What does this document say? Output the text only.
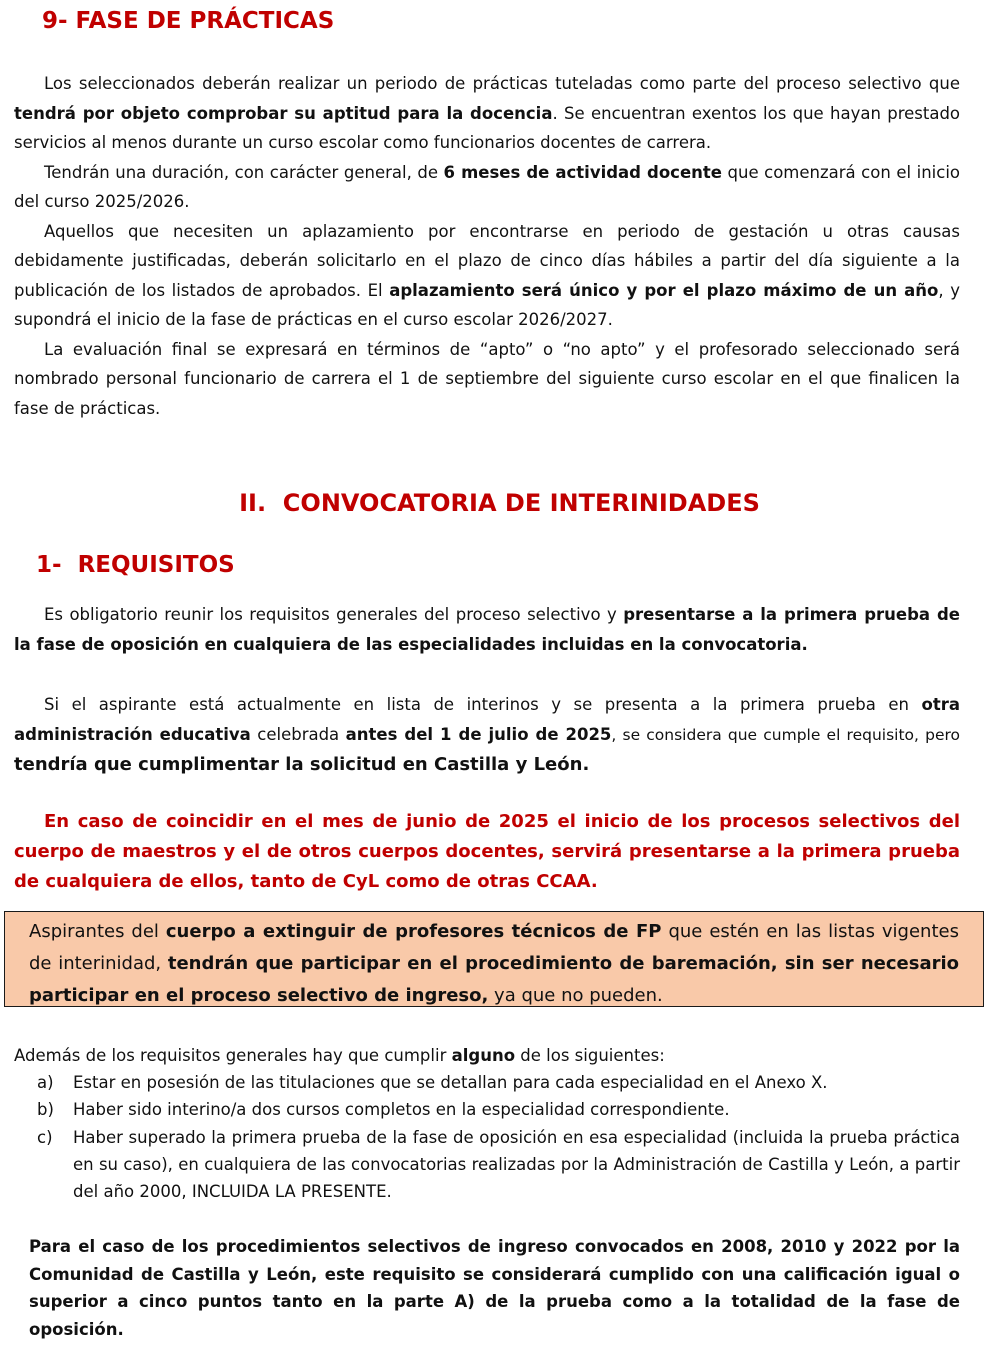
9- FASE DE PRÁCTICAS

Los seleccionados deberán realizar un periodo de prácticas tuteladas como parte del proceso selectivo que tendrá por objeto comprobar su aptitud para la docencia. Se encuentran exentos los que hayan prestado servicios al menos durante un curso escolar como funcionarios docentes de carrera.

Tendrán una duración, con carácter general, de 6 meses de actividad docente que comenzará con el inicio del curso 2025/2026.

Aquellos que necesiten un aplazamiento por encontrarse en periodo de gestación u otras causas debidamente justificadas, deberán solicitarlo en el plazo de cinco días hábiles a partir del día siguiente a la publicación de los listados de aprobados. El aplazamiento será único y por el plazo máximo de un año, y supondrá el inicio de la fase de prácticas en el curso escolar 2026/2027.

La evaluación final se expresará en términos de “apto” o “no apto” y el profesorado seleccionado será nombrado personal funcionario de carrera el 1 de septiembre del siguiente curso escolar en el que finalicen la fase de prácticas.

II.  CONVOCATORIA DE INTERINIDADES
1-  REQUISITOS

Es obligatorio reunir los requisitos generales del proceso selectivo y presentarse a la primera prueba de la fase de oposición en cualquiera de las especialidades incluidas en la convocatoria.

Si el aspirante está actualmente en lista de interinos y se presenta a la primera prueba en otra administración educativa celebrada antes del 1 de julio de 2025, se considera que cumple el requisito, pero tendría que cumplimentar la solicitud en Castilla y León.

En caso de coincidir en el mes de junio de 2025 el inicio de los procesos selectivos del cuerpo de maestros y el de otros cuerpos docentes, servirá presentarse a la primera prueba de cualquiera de ellos, tanto de CyL como de otras CCAA.

Aspirantes del cuerpo a extinguir de profesores técnicos de FP que estén en las listas vigentes de interinidad, tendrán que participar en el procedimiento de baremación, sin ser necesario participar en el proceso selectivo de ingreso, ya que no pueden.

Además de los requisitos generales hay que cumplir alguno de los siguientes:

a) Estar en posesión de las titulaciones que se detallan para cada especialidad en el Anexo X.
b) Haber sido interino/a dos cursos completos en la especialidad correspondiente.
c) Haber superado la primera prueba de la fase de oposición en esa especialidad (incluida la prueba práctica en su caso), en cualquiera de las convocatorias realizadas por la Administración de Castilla y León, a partir del año 2000, INCLUIDA LA PRESENTE.

Para el caso de los procedimientos selectivos de ingreso convocados en 2008, 2010 y 2022 por la Comunidad de Castilla y León, este requisito se considerará cumplido con una calificación igual o superior a cinco puntos tanto en la parte A) de la prueba como a la totalidad de la fase de oposición.
